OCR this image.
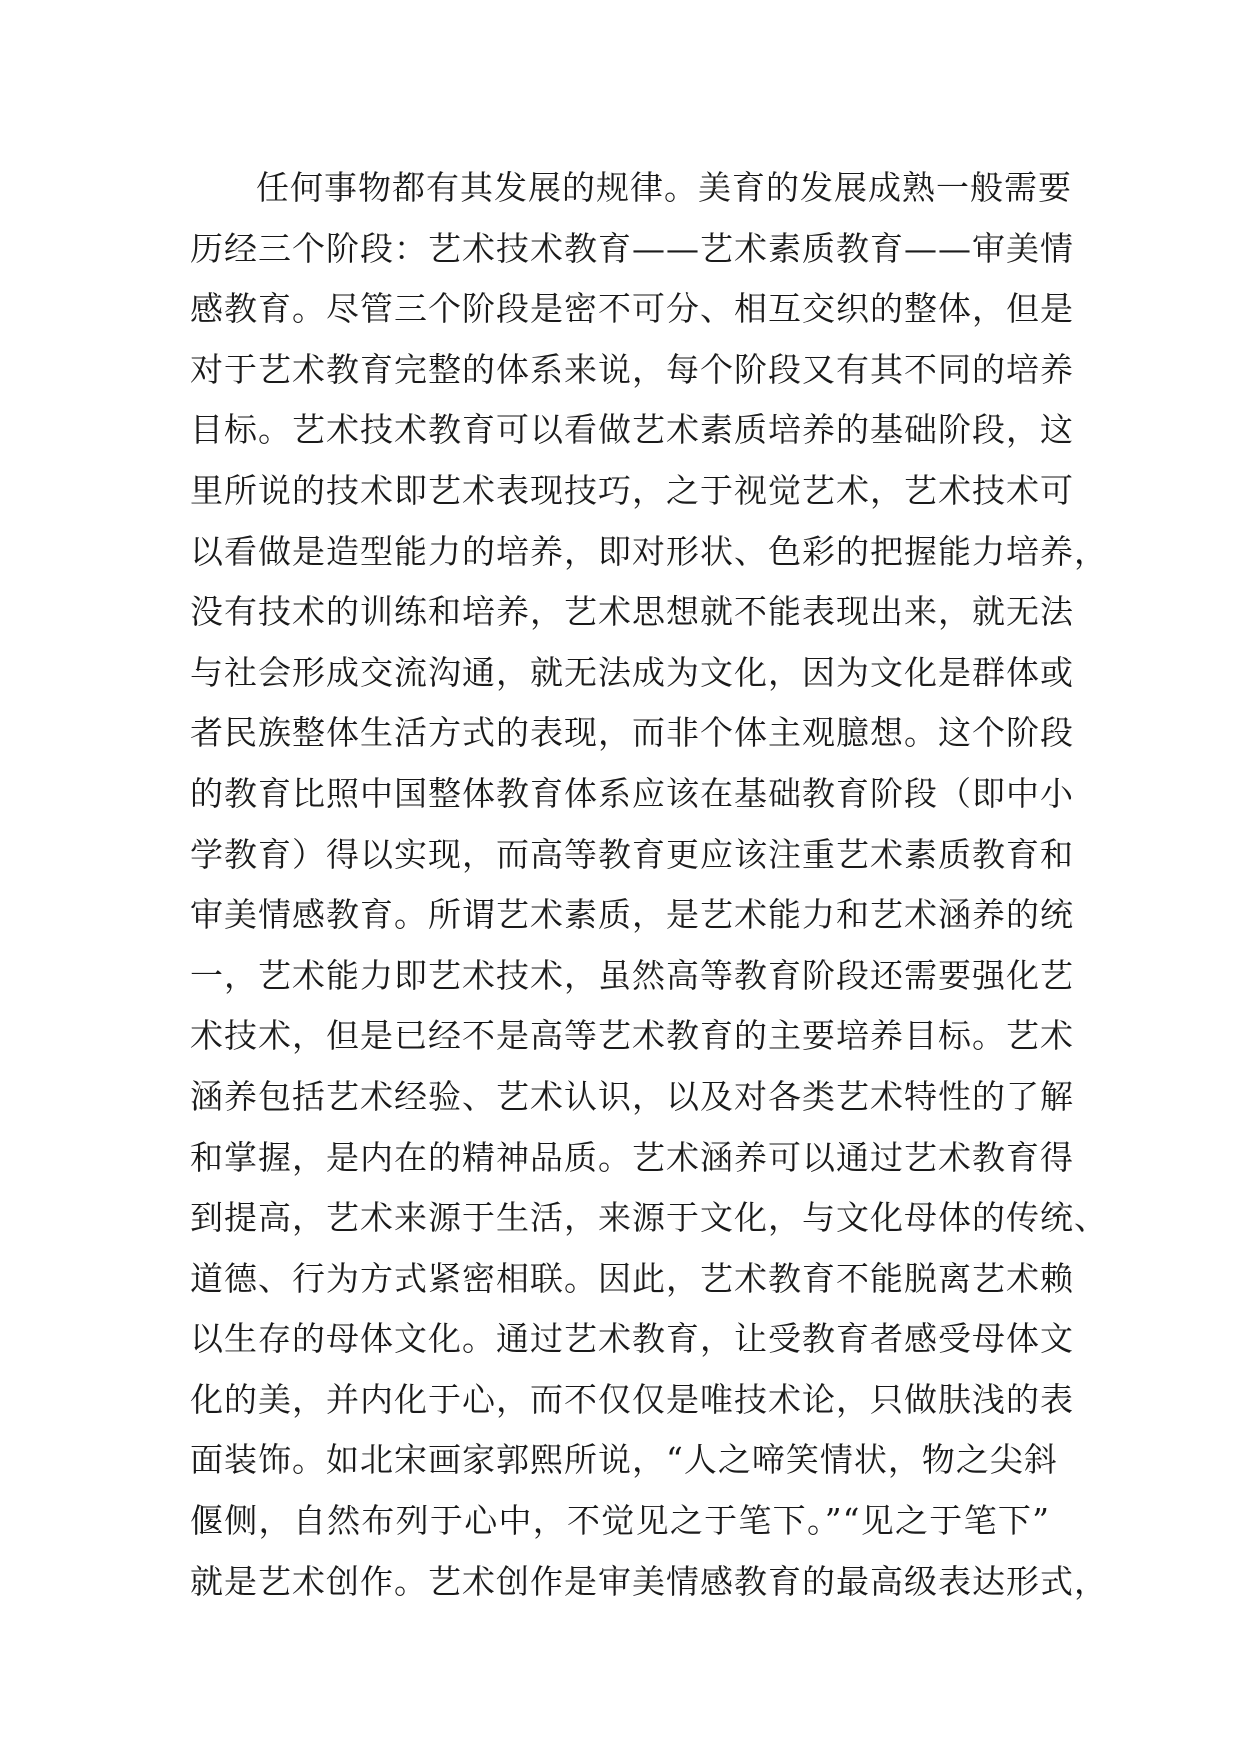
任何事物都有其发展的规律。美育的发展成熟一般需要
历经三个阶段：艺术技术教育——艺术素质教育——审美情
感教育。尽管三个阶段是密不可分、相互交织的整体，但是
对于艺术教育完整的体系来说，每个阶段又有其不同的培养
目标。艺术技术教育可以看做艺术素质培养的基础阶段，这
里所说的技术即艺术表现技巧，之于视觉艺术，艺术技术可
以看做是造型能力的培养，即对形状、色彩的把握能力培养，
没有技术的训练和培养，艺术思想就不能表现出来，就无法
与社会形成交流沟通，就无法成为文化，因为文化是群体或
者民族整体生活方式的表现，而非个体主观臆想。这个阶段
的教育比照中国整体教育体系应该在基础教育阶段（即中小
学教育）得以实现，而高等教育更应该注重艺术素质教育和
审美情感教育。所谓艺术素质，是艺术能力和艺术涵养的统
一，艺术能力即艺术技术，虽然高等教育阶段还需要强化艺
术技术，但是已经不是高等艺术教育的主要培养目标。艺术
涵养包括艺术经验、艺术认识，以及对各类艺术特性的了解
和掌握，是内在的精神品质。艺术涵养可以通过艺术教育得
到提高，艺术来源于生活，来源于文化，与文化母体的传统、
道德、行为方式紧密相联。因此，艺术教育不能脱离艺术赖
以生存的母体文化。通过艺术教育，让受教育者感受母体文
化的美，并内化于心，而不仅仅是唯技术论，只做肤浅的表
面装饰。如北宋画家郭熙所说，“人之啼笑情状，物之尖斜
偃侧，自然布列于心中，不觉见之于笔下。”“见之于笔下”
就是艺术创作。艺术创作是审美情感教育的最高级表达形式，
